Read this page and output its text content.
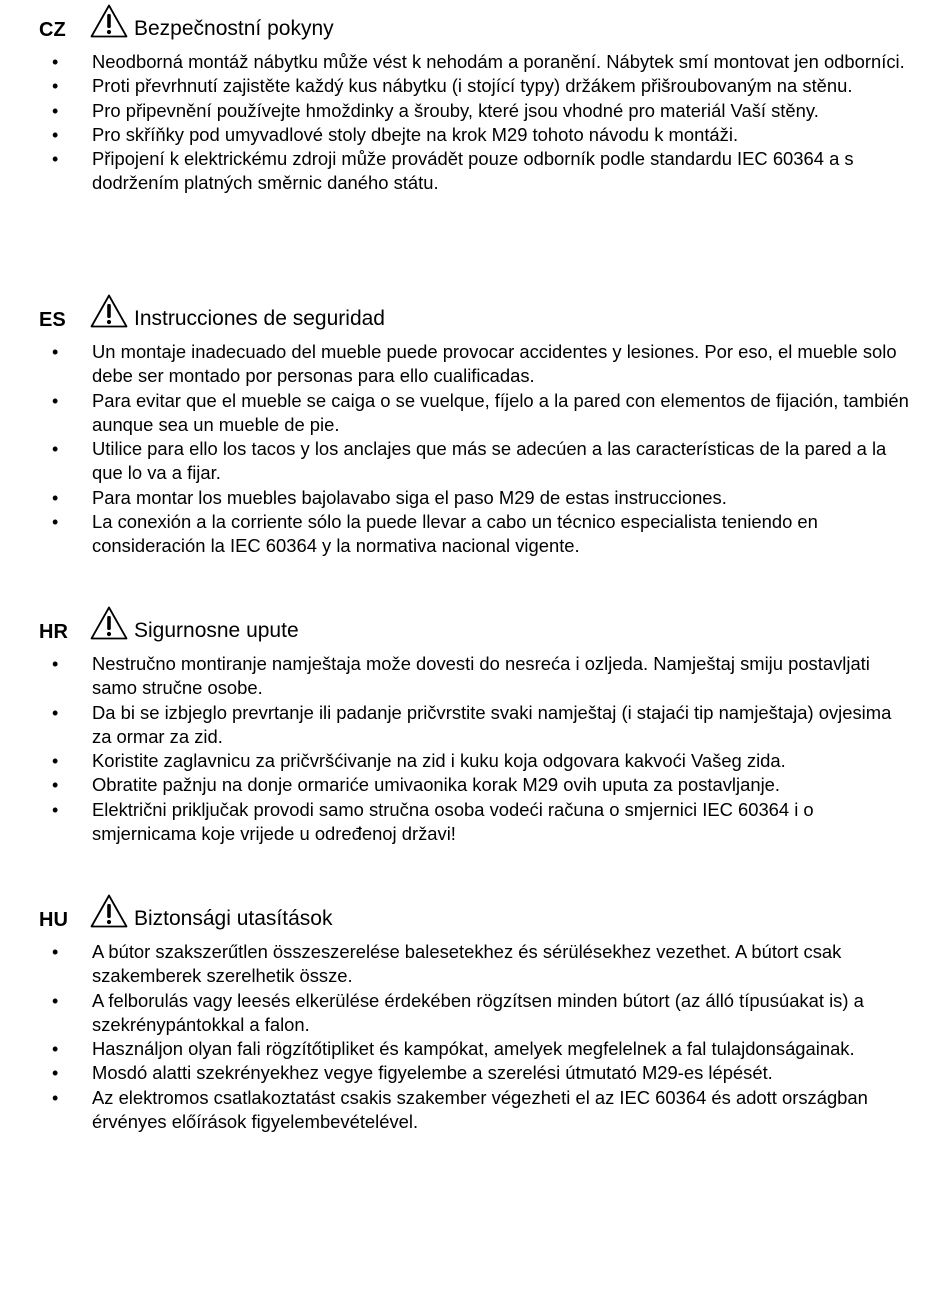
CZ	Bezpečnostní pokyny
• Neodborná montáž nábytku může vést k nehodám a poranění. Nábytek smí montovat jen odborníci.
• Proti převrhnutí zajistěte každý kus nábytku (i stojící typy) držákem přišroubovaným na stěnu.
• Pro připevnění používejte hmoždinky a šrouby, které jsou vhodné pro materiál Vaší stěny.
• Pro skříňky pod umyvadlové stoly dbejte na krok M29 tohoto návodu k montáži.
• Připojení k elektrickému zdroji může provádět pouze odborník podle standardu IEC 60364 a s dodržením platných směrnic daného státu.
ES	Instrucciones de seguridad
• Un montaje inadecuado del mueble puede provocar accidentes y lesiones. Por eso, el mueble solo debe ser montado por personas para ello cualificadas.
• Para evitar que el mueble se caiga o se vuelque, fíjelo a la pared con elementos de fijación, también aunque sea un mueble de pie.
• Utilice para ello los tacos y los anclajes que más se adecúen a las características de la pared a la que lo va a fijar.
• Para montar los muebles bajolavabo siga el paso M29 de estas instrucciones.
• La conexión a la corriente sólo la puede llevar a cabo un técnico especialista teniendo en consideración la IEC 60364 y la normativa nacional vigente.
HR	Sigurnosne upute
• Nestručno montiranje namještaja može dovesti do nesreća i ozljeda. Namještaj smiju postavljati samo stručne osobe.
• Da bi se izbjeglo prevrtanje ili padanje pričvrstite svaki namještaj (i stajaći tip namještaja) ovjesima za ormar za zid.
• Koristite zaglavnicu za pričvršćivanje na zid i kuku koja odgovara kakvoći Vašeg zida.
• Obratite pažnju na donje ormariće umivaonika korak M29 ovih uputa za postavljanje.
• Električni priključak provodi samo stručna osoba vodeći računa o smjernici IEC 60364 i o smjernicama koje vrijede u određenoj državi!
HU	Biztonsági utasítások
• A bútor szakszerűtlen összeszerelése balesetekhez és sérülésekhez vezethet. A bútort csak szakemberek szerelhetik össze.
• A felborulás vagy leesés elkerülése érdekében rögzítsen minden bútort (az álló típusúakat is) a szekrénypántokkal a falon.
• Használjon olyan fali rögzítőtipliket és kampókat, amelyek megfelelnek a fal tulajdonságainak.
• Mosdó alatti szekrényekhez vegye figyelembe a szerelési útmutató M29-es lépését.
• Az elektromos csatlakoztatást csakis szakember végezheti el az IEC 60364 és adott országban érvényes előírások figyelembevételével.
